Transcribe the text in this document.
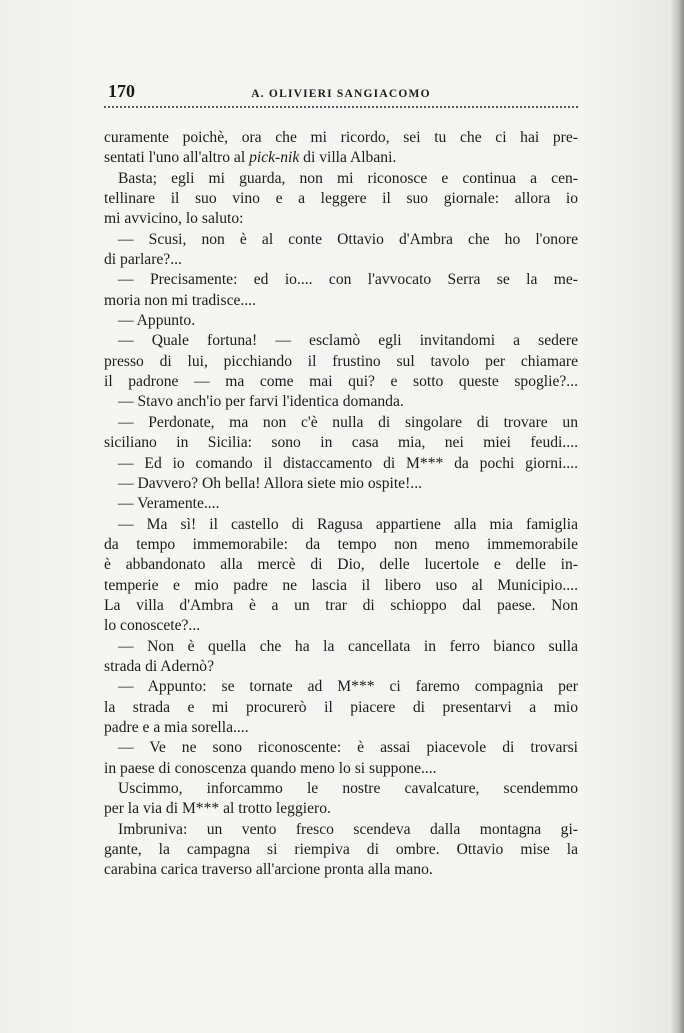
170	A. OLIVIERI SANGIACOMO
curamente poichè, ora che mi ricordo, sei tu che ci hai pre-
sentati l'uno all'altro al pick-nik di villa Albani.
Basta; egli mi guarda, non mi riconosce e continua a cen-
tellinare il suo vino e a leggere il suo giornale: allora io
mi avvicino, lo saluto:
— Scusi, non è al conte Ottavio d'Ambra che ho l'onore
di parlare?...
— Precisamente: ed io.... con l'avvocato Serra se la me-
moria non mi tradisce....
— Appunto.
— Quale fortuna! — esclamò egli invitandomi a sedere
presso di lui, picchiando il frustino sul tavolo per chiamare
il padrone — ma come mai qui? e sotto queste spoglie?...
— Stavo anch'io per farvi l'identica domanda.
— Perdonate, ma non c'è nulla di singolare di trovare un
siciliano in Sicilia: sono in casa mia, nei miei feudi....
— Ed io comando il distaccamento di M*** da pochi giorni....
— Davvero? Oh bella! Allora siete mio ospite!...
— Veramente....
— Ma sì! il castello di Ragusa appartiene alla mia famiglia
da tempo immemorabile: da tempo non meno immemorabile
è abbandonato alla mercè di Dio, delle lucertole e delle in-
temperie e mio padre ne lascia il libero uso al Municipio....
La villa d'Ambra è a un trar di schioppo dal paese. Non
lo conoscete?...
— Non è quella che ha la cancellata in ferro bianco sulla
strada di Adernò?
— Appunto: se tornate ad M*** ci faremo compagnia per
la strada e mi procurerò il piacere di presentarvi a mio
padre e a mia sorella....
— Ve ne sono riconoscente: è assai piacevole di trovarsi
in paese di conoscenza quando meno lo si suppone....
Uscimmo, inforcammo le nostre cavalcature, scendemmo
per la via di M*** al trotto leggiero.
Imbruniva: un vento fresco scendeva dalla montagna gi-
gante, la campagna si riempiva di ombre. Ottavio mise la
carabina carica traverso all'arcione pronta alla mano.
